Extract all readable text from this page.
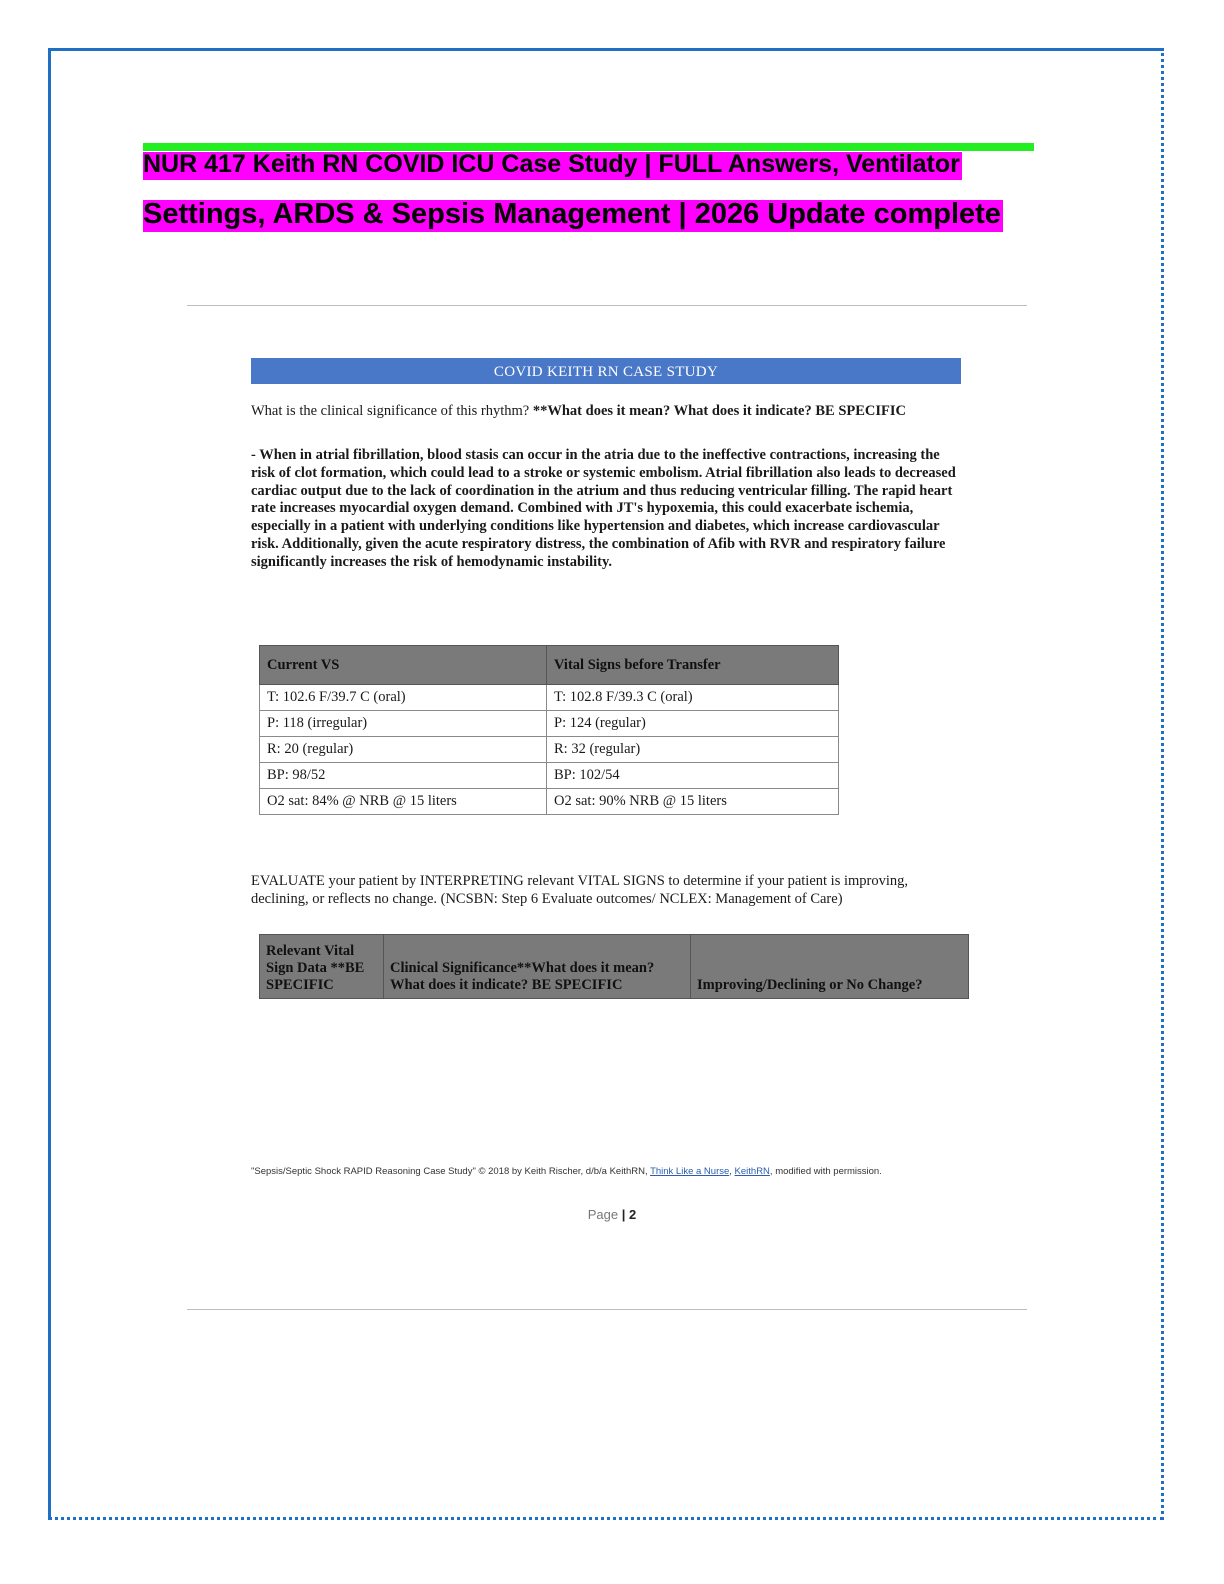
NUR 417 Keith RN COVID ICU Case Study | FULL Answers, Ventilator
Settings, ARDS & Sepsis Management | 2026 Update complete
COVID KEITH RN CASE STUDY
What is the clinical significance of this rhythm? **What does it mean? What does it indicate? BE SPECIFIC
- When in atrial fibrillation, blood stasis can occur in the atria due to the ineffective contractions, increasing the risk of clot formation, which could lead to a stroke or systemic embolism. Atrial fibrillation also leads to decreased cardiac output due to the lack of coordination in the atrium and thus reducing ventricular filling. The rapid heart rate increases myocardial oxygen demand. Combined with JT's hypoxemia, this could exacerbate ischemia, especially in a patient with underlying conditions like hypertension and diabetes, which increase cardiovascular risk. Additionally, given the acute respiratory distress, the combination of Afib with RVR and respiratory failure significantly increases the risk of hemodynamic instability.
Current VS	Vital Signs before Transfer
T: 102.6 F/39.7 C (oral)	T: 102.8 F/39.3 C (oral)
P: 118 (irregular)	P: 124 (regular)
R: 20 (regular)	R: 32 (regular)
BP: 98/52	BP: 102/54
O2 sat: 84% @ NRB @ 15 liters	O2 sat: 90% NRB @ 15 liters
EVALUATE your patient by INTERPRETING relevant VITAL SIGNS to determine if your patient is improving, declining, or reflects no change. (NCSBN: Step 6 Evaluate outcomes/ NCLEX: Management of Care)
Relevant Vital Sign Data **BE SPECIFIC	Clinical Significance**What does it mean? What does it indicate? BE SPECIFIC	Improving/Declining or No Change?
"Sepsis/Septic Shock RAPID Reasoning Case Study" © 2018 by Keith Rischer, d/b/a KeithRN, Think Like a Nurse, KeithRN, modified with permission.
Page | 2
